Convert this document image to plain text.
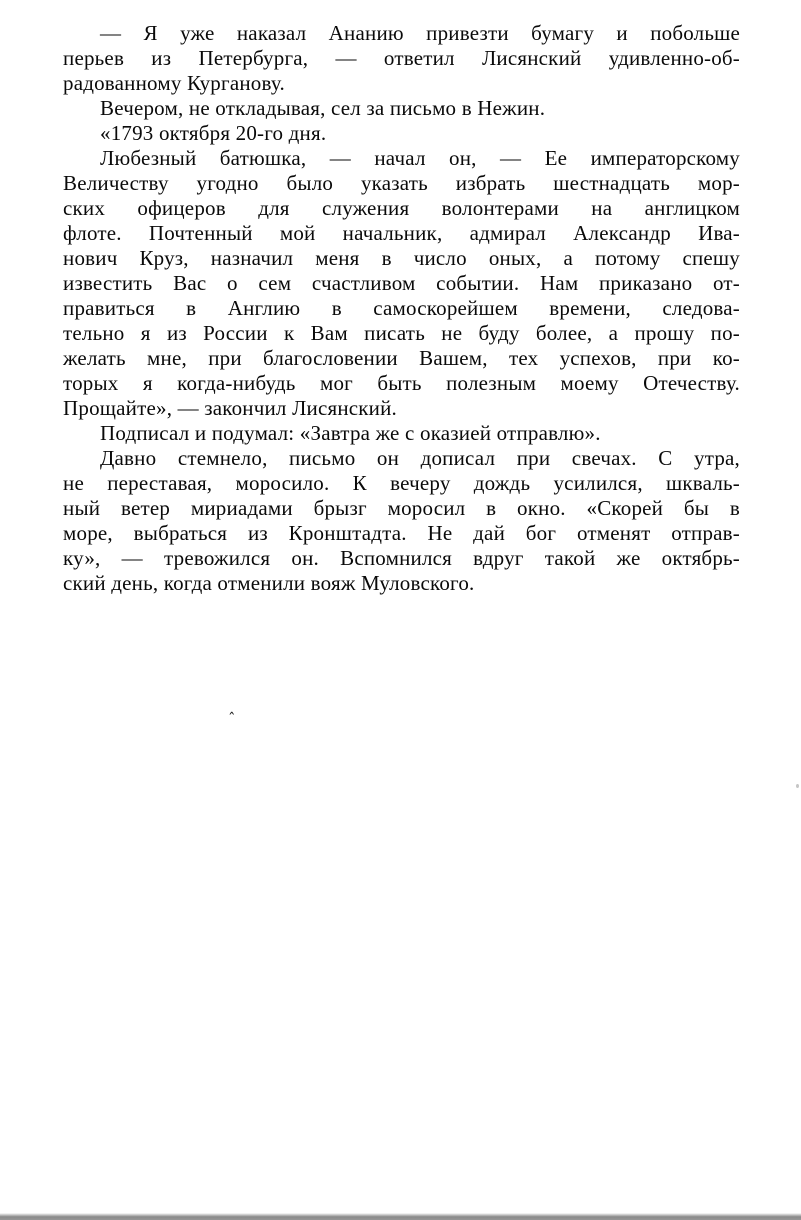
— Я уже наказал Ананию привезти бумагу и побольше
перьев из Петербурга, — ответил Лисянский удивленно-об-
радованному Курганову.
Вечером, не откладывая, сел за письмо в Нежин.
«1793 октября 20-го дня.
Любезный батюшка, — начал он, — Ее императорскому
Величеству угодно было указать избрать шестнадцать мор-
ских офицеров для служения волонтерами на англицком
флоте. Почтенный мой начальник, адмирал Александр Ива-
нович Круз, назначил меня в число оных, а потому спешу
известить Вас о сем счастливом событии. Нам приказано от-
правиться в Англию в самоскорейшем времени, следова-
тельно я из России к Вам писать не буду более, а прошу по-
желать мне, при благословении Вашем, тех успехов, при ко-
торых я когда-нибудь мог быть полезным моему Отечеству.
Прощайте», — закончил Лисянский.
Подписал и подумал: «Завтра же с оказией отправлю».
Давно стемнело, письмо он дописал при свечах. С утра,
не переставая, моросило. К вечеру дождь усилился, шкваль-
ный ветер мириадами брызг моросил в окно. «Скорей бы в
море, выбраться из Кронштадта. Не дай бог отменят отправ-
ку», — тревожился он. Вспомнился вдруг такой же октябрь-
ский день, когда отменили вояж Муловского.
ˆ
